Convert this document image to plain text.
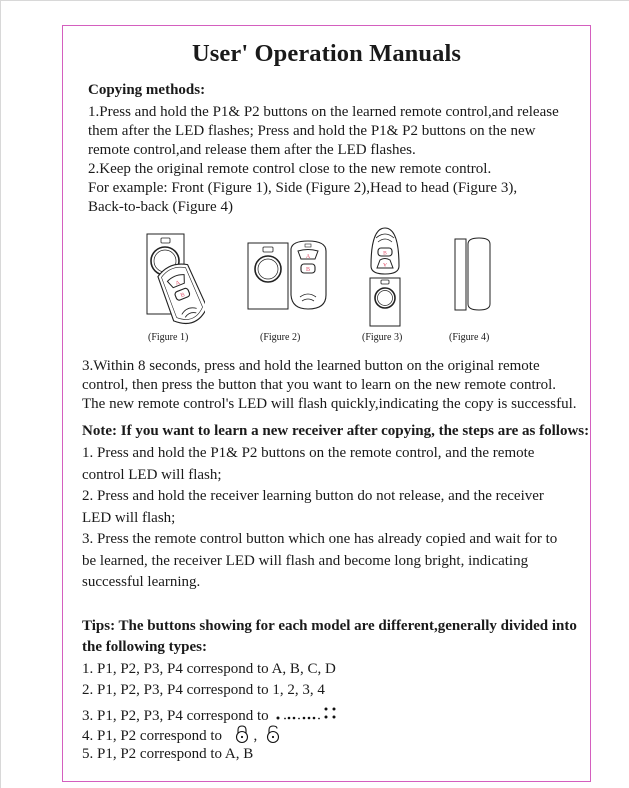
User' Operation Manuals
Copying methods:
1.Press and hold the P1& P2 buttons on the learned remote control,and release
them after the LED flashes; Press and hold the P1& P2 buttons on the new
remote control,and release them after the LED flashes.
2.Keep the original remote control close to the new remote control.
For example: Front (Figure 1), Side (Figure 2),Head to head (Figure 3),
Back-to-back (Figure 4)
A
B
(Figure 1)
A
B
(Figure 2)
B
A
(Figure 3)	(Figure 4)
3.Within 8 seconds, press and hold the learned button on the original remote
control, then press the button that you want to learn on the new remote control.
The new remote control's LED will flash quickly,indicating the copy is successful.
Note: If you want to learn a new receiver after copying, the steps are as follows:
1. Press and hold the P1& P2 buttons on the remote control, and the remote
control LED will flash;
2. Press and hold the receiver learning button do not release, and the receiver
LED will flash;
3. Press the remote control button which one has already copied and wait for to
be learned, the receiver LED will flash and become long bright, indicating
successful learning.
Tips: The buttons showing for each model are different,generally divided into
the following types:
1. P1, P2, P3, P4 correspond to A, B, C, D
2. P1, P2, P3, P4 correspond to 1, 2, 3, 4
3. P1, P2, P3, P4 correspond to
4. P1, P2 correspond to ,
5. P1, P2 correspond to A, B
